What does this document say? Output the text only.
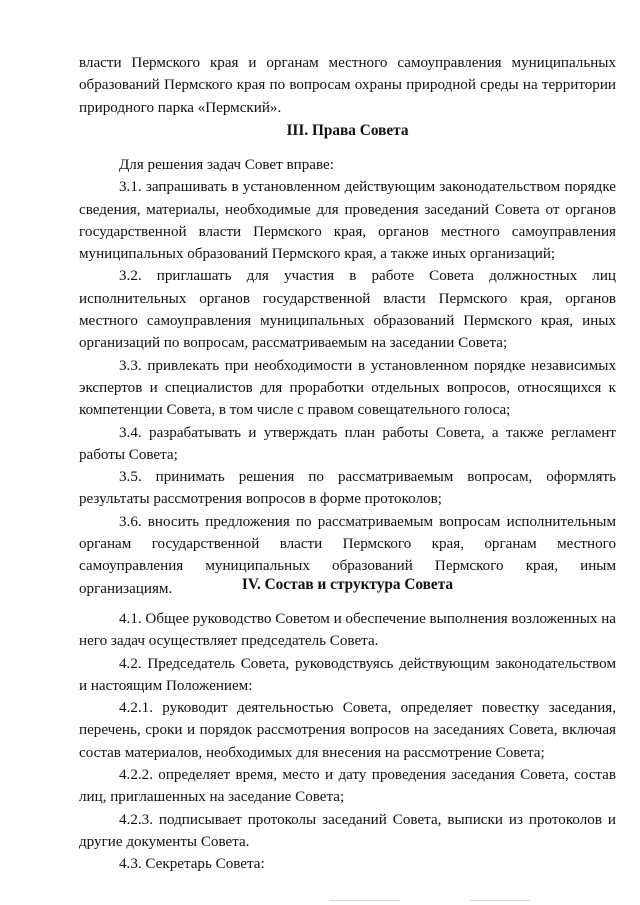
власти Пермского края и органам местного самоуправления муниципальных образований Пермского края по вопросам охраны природной среды на территории природного парка «Пермский».

III. Права Совета

Для решения задач Совет вправе:

3.1. запрашивать в установленном действующим законодательством порядке сведения, материалы, необходимые для проведения заседаний Совета от органов государственной власти Пермского края, органов местного самоуправления муниципальных образований Пермского края, а также иных организаций;

3.2. приглашать для участия в работе Совета должностных лиц исполнительных органов государственной власти Пермского края, органов местного самоуправления муниципальных образований Пермского края, иных организаций по вопросам, рассматриваемым на заседании Совета;

3.3. привлекать при необходимости в установленном порядке независимых экспертов и специалистов для проработки отдельных вопросов, относящихся к компетенции Совета, в том числе с правом совещательного голоса;

3.4. разрабатывать и утверждать план работы Совета, а также регламент работы Совета;

3.5. принимать решения по рассматриваемым вопросам, оформлять результаты рассмотрения вопросов в форме протоколов;

3.6. вносить предложения по рассматриваемым вопросам исполнительным органам государственной власти Пермского края, органам местного самоуправления муниципальных образований Пермского края, иным организациям.	IV. Состав и структура Совета

4.1. Общее руководство Советом и обеспечение выполнения возложенных на него задач осуществляет председатель Совета.

4.2. Председатель Совета, руководствуясь действующим законодательством и настоящим Положением:

4.2.1. руководит деятельностью Совета, определяет повестку заседания, перечень, сроки и порядок рассмотрения вопросов на заседаниях Совета, включая состав материалов, необходимых для внесения на рассмотрение Совета;

4.2.2. определяет время, место и дату проведения заседания Совета, состав лиц, приглашенных на заседание Совета;

4.2.3. подписывает протоколы заседаний Совета, выписки из протоколов и другие документы Совета.

4.3. Секретарь Совета:
